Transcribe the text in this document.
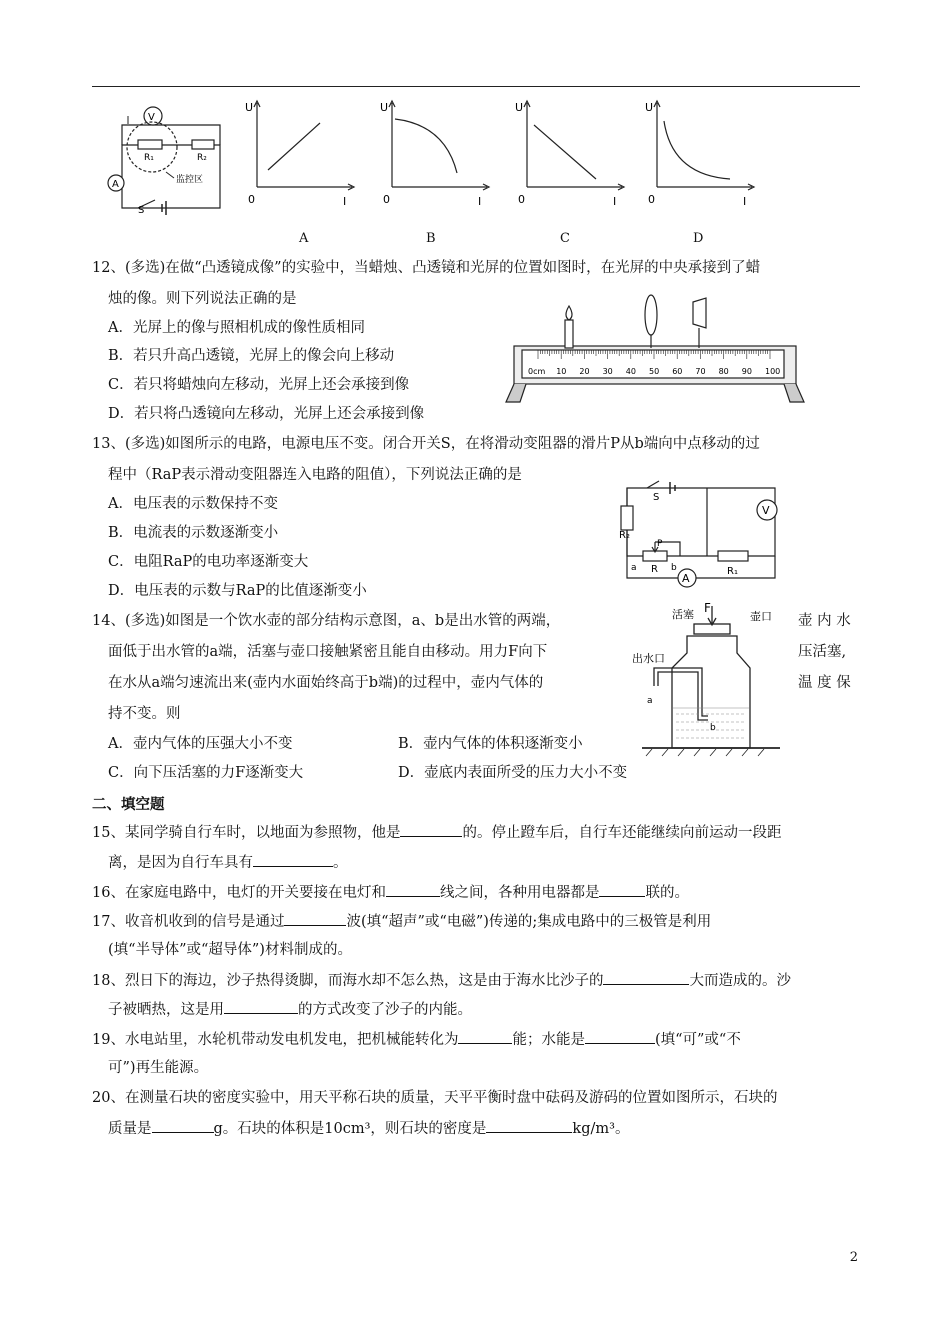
V
A
R₁	R₂
监控区
S
U
0	I
U
0	I
U
0	I
U
0	I
A	B	C	D
12、(多选)在做“凸透镜成像”的实验中，当蜡烛、凸透镜和光屏的位置如图时，在光屏的中央承接到了蜡
烛的像。则下列说法正确的是
A．光屏上的像与照相机成的像性质相同
B．若只升高凸透镜，光屏上的像会向上移动
C．若只将蜡烛向左移动，光屏上还会承接到像
D．若只将凸透镜向左移动，光屏上还会承接到像
0cm 10 20 30 40 50 60 70 80 90 100
13、(多选)如图所示的电路，电源电压不变。闭合开关S，在将滑动变阻器的滑片P从b端向中点移动的过
程中（RaP表示滑动变阻器连入电路的阻值），下列说法正确的是
A．电压表的示数保持不变
B．电流表的示数逐渐变小
C．电阻RaP的电功率逐渐变大
D．电压表的示数与RaP的比值逐渐变小
S
R₂
P
a R b	R₁
V
A
14、(多选)如图是一个饮水壶的部分结构示意图，a、b是出水管的两端，	壶 内 水
面低于出水管的a端，活塞与壶口接触紧密且能自由移动。用力F向下	压活塞,
在水从a端匀速流出来(壶内水面始终高于b端)的过程中，壶内气体的	温 度 保
持不变。则
A．壶内气体的压强大小不变	B．壶内气体的体积逐渐变小
C．向下压活塞的力F逐渐变大	D．壶底内表面所受的压力大小不变
活塞 F
壶口
出水口
a
b
二、填空题
15、某同学骑自行车时，以地面为参照物，他是	的。停止蹬车后，自行车还能继续向前运动一段距
离，是因为自行车具有	。
16、在家庭电路中，电灯的开关要接在电灯和	线之间，各种用电器都是	联的。
17、收音机收到的信号是通过	波(填“超声”或“电磁”)传递的;集成电路中的三极管是利用
(填“半导体”或“超导体”)材料制成的。
18、烈日下的海边，沙子热得烫脚，而海水却不怎么热，这是由于海水比沙子的	大而造成的。沙
子被晒热，这是用	的方式改变了沙子的内能。
19、水电站里，水轮机带动发电机发电，把机械能转化为	能；水能是	(填“可”或“不
可”)再生能源。
20、在测量石块的密度实验中，用天平称石块的质量，天平平衡时盘中砝码及游码的位置如图所示，石块的
质量是	g。石块的体积是10cm³，则石块的密度是	kg/m³。
2
